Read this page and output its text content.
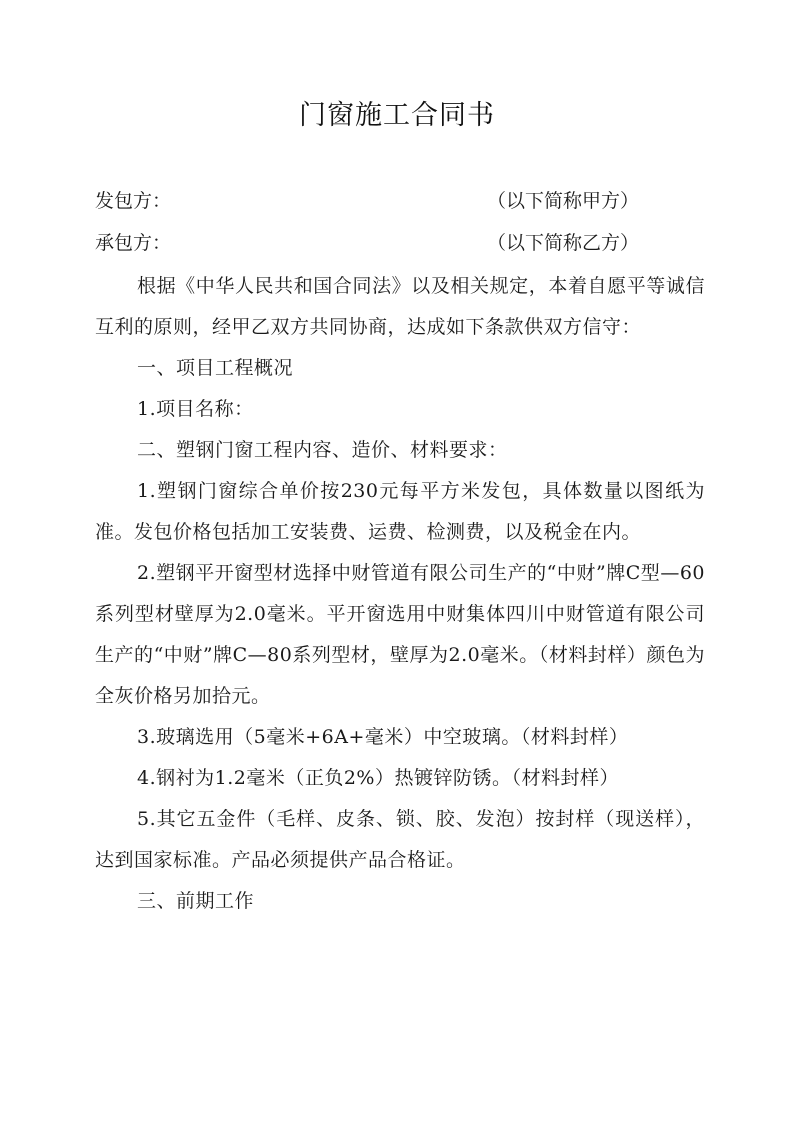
门窗施工合同书
发包方：	（以下简称甲方）
承包方：	（以下简称乙方）

根据《中华人民共和国合同法》以及相关规定，本着自愿平等诚信互利的原则，经甲乙双方共同协商，达成如下条款供双方信守：

一、项目工程概况

1.项目名称：

二、塑钢门窗工程内容、造价、材料要求：

1.塑钢门窗综合单价按230元每平方米发包，具体数量以图纸为准。发包价格包括加工安装费、运费、检测费，以及税金在内。

2.塑钢平开窗型材选择中财管道有限公司生产的“中财”牌C型—60系列型材壁厚为2.0毫米。平开窗选用中财集体四川中财管道有限公司生产的“中财”牌C—80系列型材，壁厚为2.0毫米。（材料封样）颜色为全灰价格另加拾元。

3.玻璃选用（5毫米+6A+毫米）中空玻璃。（材料封样）

4.钢衬为1.2毫米（正负2%）热镀锌防锈。（材料封样）

5.其它五金件（毛样、皮条、锁、胶、发泡）按封样（现送样），达到国家标准。产品必须提供产品合格证。

三、前期工作
